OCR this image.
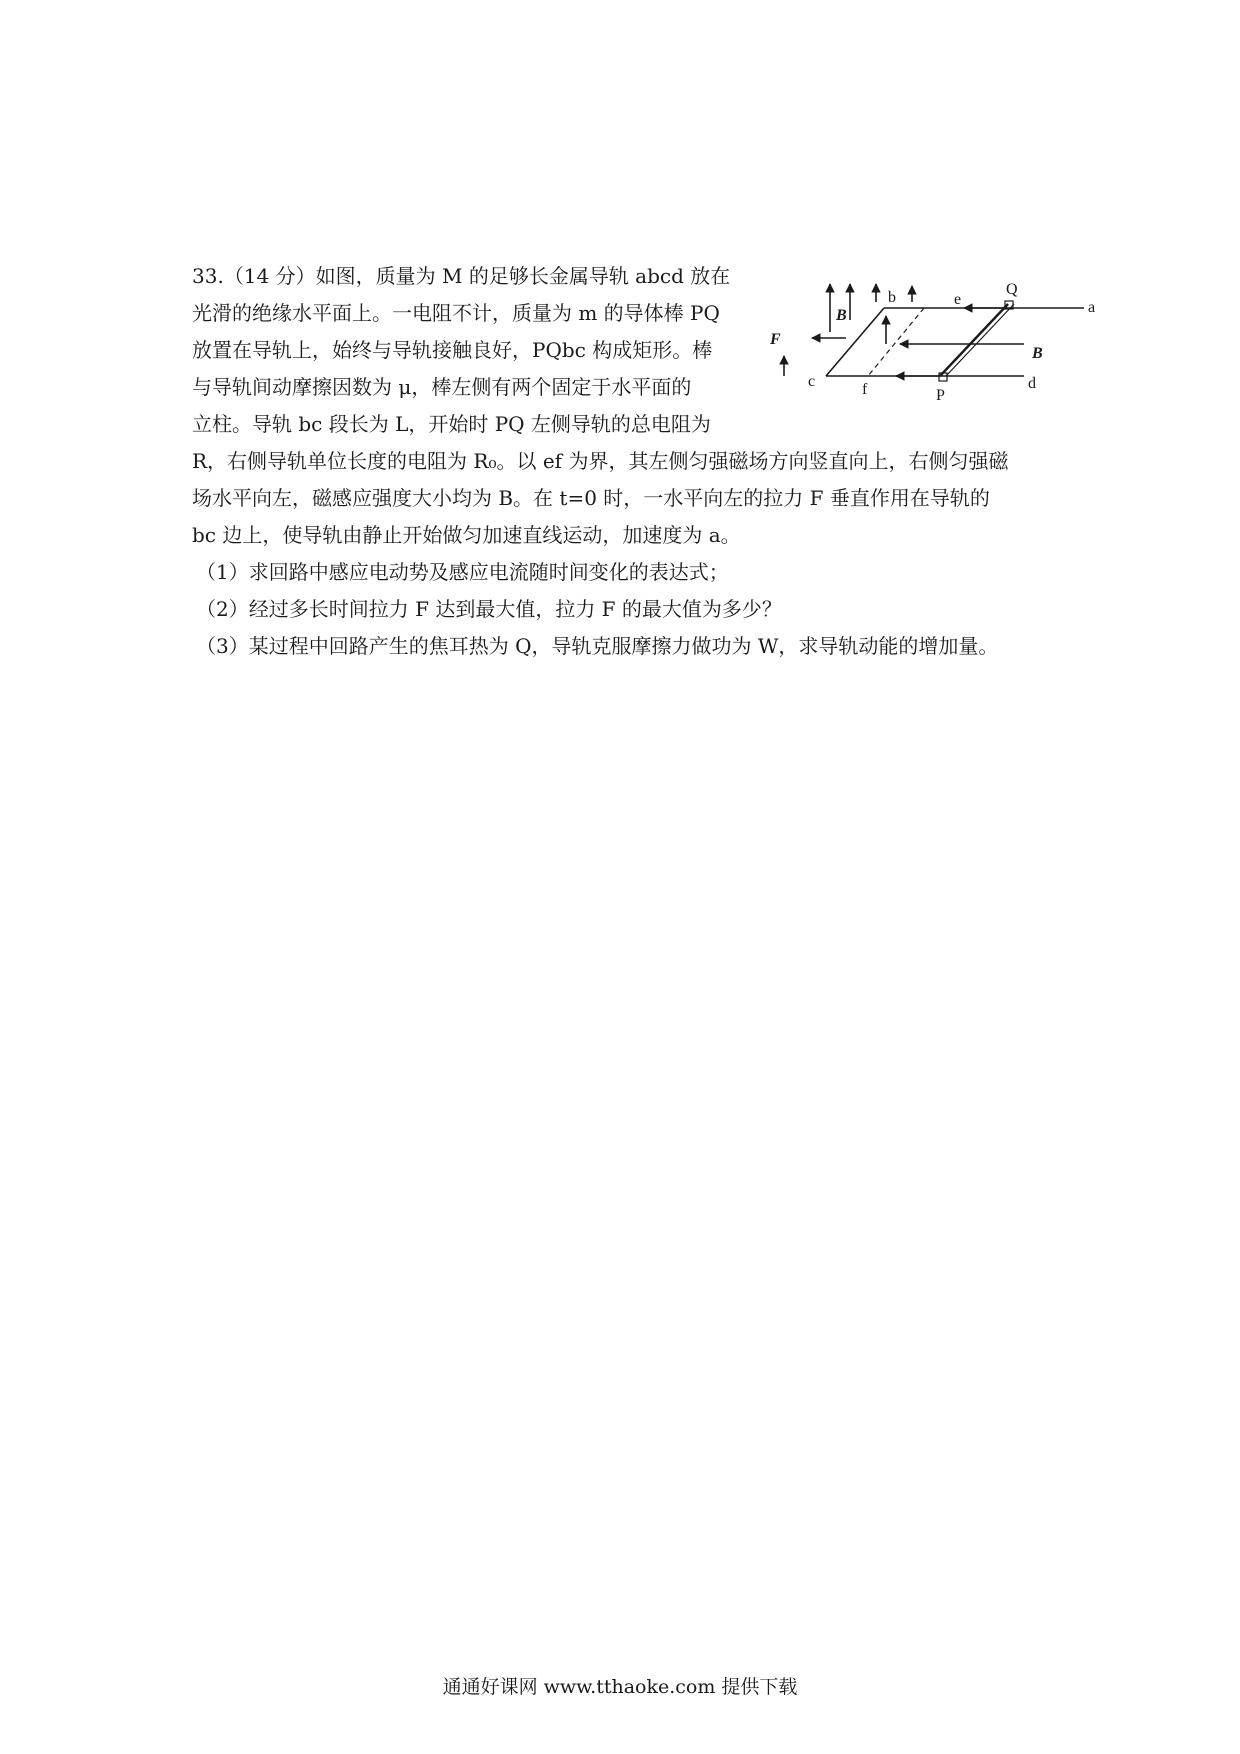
33.（14 分）如图，质量为 M 的足够长金属导轨 abcd 放在
光滑的绝缘水平面上。一电阻不计，质量为 m 的导体棒 PQ
放置在导轨上，始终与导轨接触良好，PQbc 构成矩形。棒
与导轨间动摩擦因数为 μ，棒左侧有两个固定于水平面的
立柱。导轨 bc 段长为 L，开始时 PQ 左侧导轨的总电阻为
R，右侧导轨单位长度的电阻为 R₀。以 ef 为界，其左侧匀强磁场方向竖直向上，右侧匀强磁
场水平向左，磁感应强度大小均为 B。在 t=0 时，一水平向左的拉力 F 垂直作用在导轨的
bc 边上，使导轨由静止开始做匀加速直线运动，加速度为 a。
（1）求回路中感应电动势及感应电流随时间变化的表达式；
（2）经过多长时间拉力 F 达到最大值，拉力 F 的最大值为多少？
（3）某过程中回路产生的焦耳热为 Q，导轨克服摩擦力做功为 W，求导轨动能的增加量。
Q
a
e
b
c	f	P
d
F
B
B
通通好课网 www.tthaoke.com 提供下载
